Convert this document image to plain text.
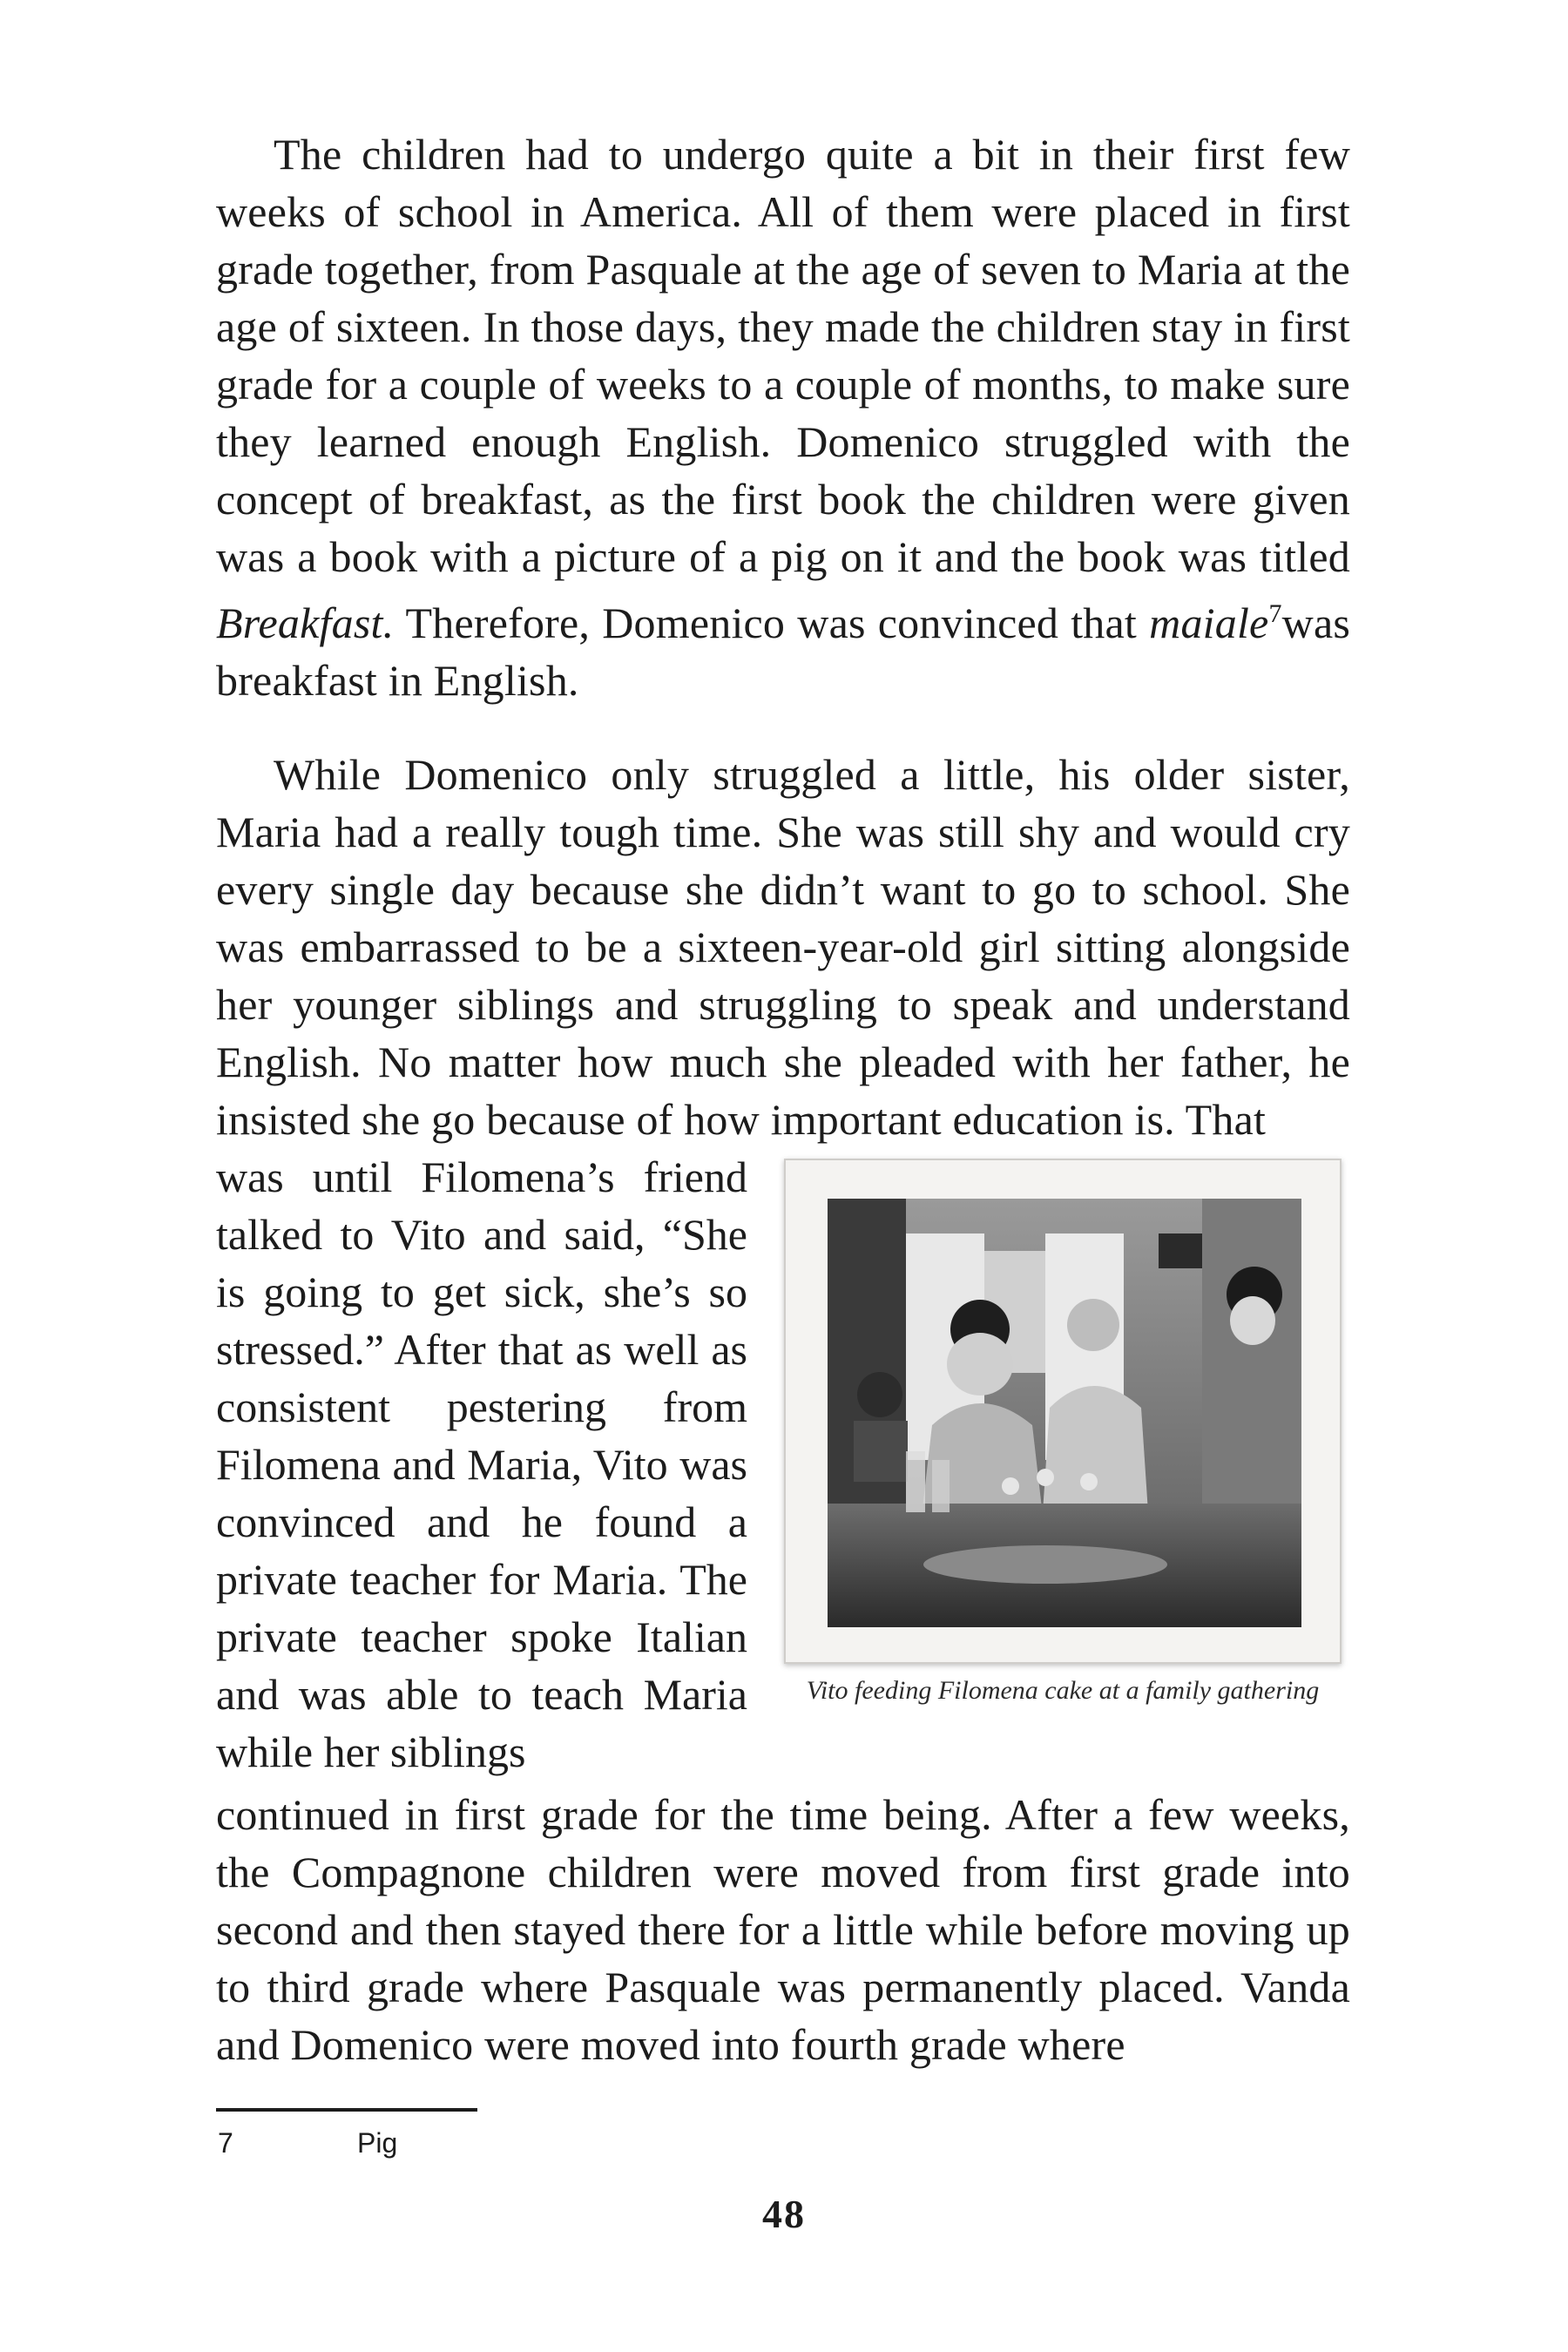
The children had to undergo quite a bit in their first few weeks of school in America. All of them were placed in first grade together, from Pasquale at the age of seven to Maria at the age of sixteen. In those days, they made the children stay in first grade for a couple of weeks to a couple of months, to make sure they learned enough English. Domenico struggled with the concept of breakfast, as the first book the children were given was a book with a picture of a pig on it and the book was titled Breakfast. Therefore, Domenico was convinced that maiale$^7$was breakfast in English.

While Domenico only struggled a little, his older sister, Maria had a really tough time. She was still shy and would cry every single day because she didn’t want to go to school. She was embarrassed to be a sixteen-year-old girl sitting alongside her younger siblings and struggling to speak and understand English. No matter how much she pleaded with her father, he insisted she go because of how important education is. That

was until Filomena’s friend talked to Vito and said, “She is going to get sick, she’s so stressed.” After that as well as consistent pestering from Filomena and Maria, Vito was convinced and he found a private teacher for Maria. The private teacher spoke Italian and was able to teach Maria while her siblings

Vito feeding Filomena cake at a family gathering

continued in first grade for the time being. After a few weeks, the Compagnone children were moved from first grade into second and then stayed there for a little while before moving up to third grade where Pasquale was permanently placed. Vanda and Domenico were moved into fourth grade where

7	Pig
48
